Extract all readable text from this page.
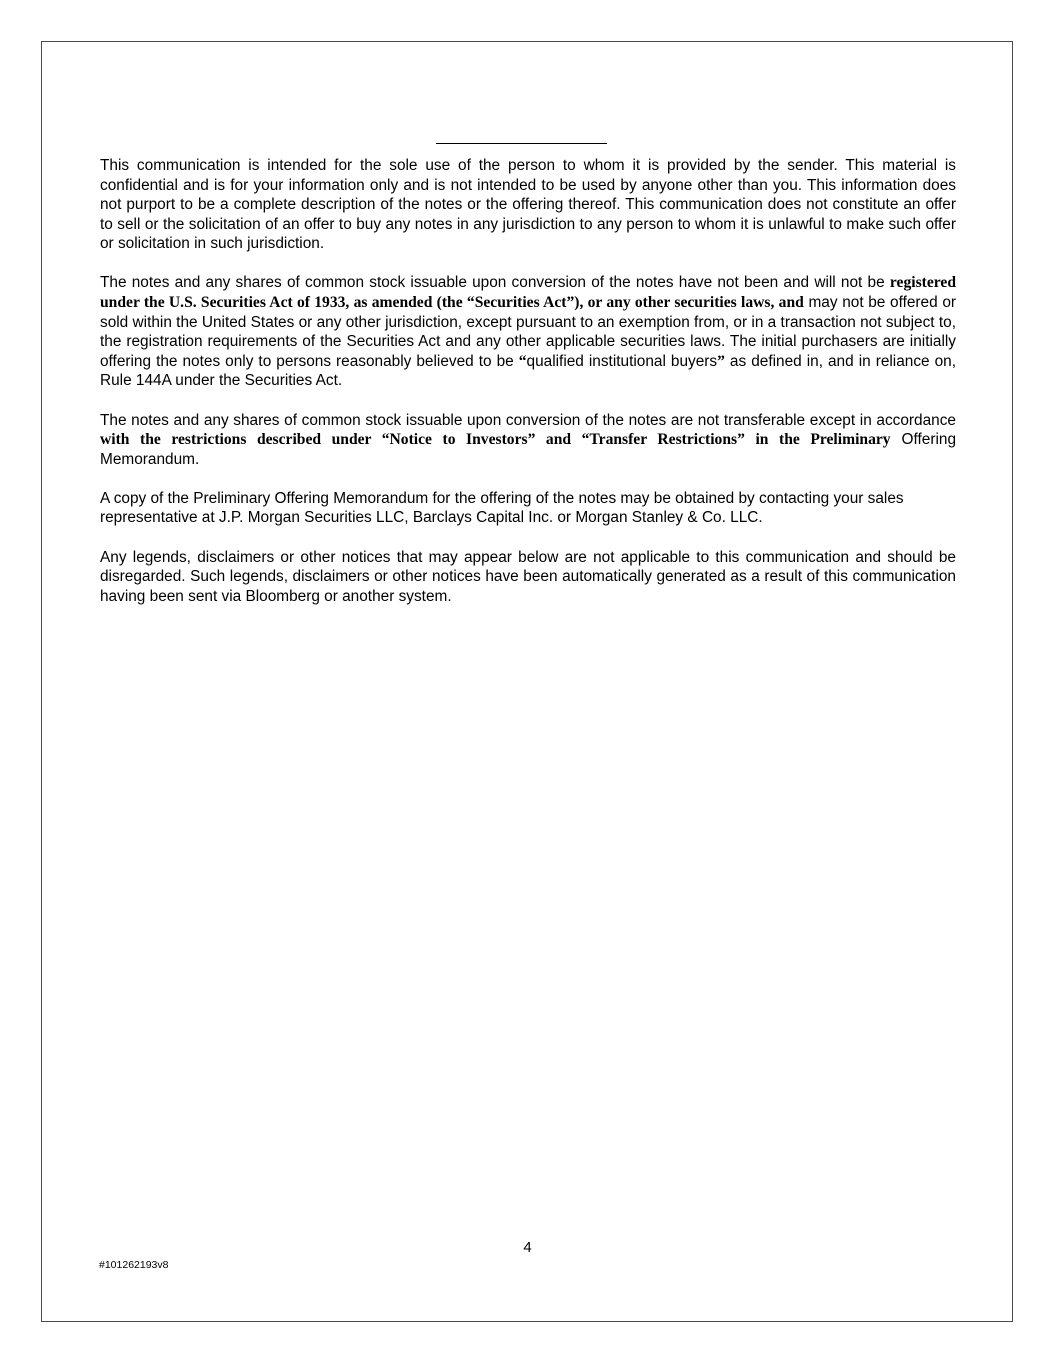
This communication is intended for the sole use of the person to whom it is provided by the sender. This material is confidential and is for your information only and is not intended to be used by anyone other than you. This information does not purport to be a complete description of the notes or the offering thereof. This communication does not constitute an offer to sell or the solicitation of an offer to buy any notes in any jurisdiction to any person to whom it is unlawful to make such offer or solicitation in such jurisdiction.

The notes and any shares of common stock issuable upon conversion of the notes have not been and will not be registered under the U.S. Securities Act of 1933, as amended (the “Securities Act”), or any other securities laws, and may not be offered or sold within the United States or any other jurisdiction, except pursuant to an exemption from, or in a transaction not subject to, the registration requirements of the Securities Act and any other applicable securities laws. The initial purchasers are initially offering the notes only to persons reasonably believed to be “qualified institutional buyers” as defined in, and in reliance on, Rule 144A under the Securities Act.

The notes and any shares of common stock issuable upon conversion of the notes are not transferable except in accordance with the restrictions described under “Notice to Investors” and “Transfer Restrictions” in the Preliminary Offering Memorandum.

A copy of the Preliminary Offering Memorandum for the offering of the notes may be obtained by contacting your sales representative at J.P. Morgan Securities LLC, Barclays Capital Inc. or Morgan Stanley & Co. LLC.

Any legends, disclaimers or other notices that may appear below are not applicable to this communication and should be disregarded. Such legends, disclaimers or other notices have been automatically generated as a result of this communication having been sent via Bloomberg or another system.

4
#101262193v8
